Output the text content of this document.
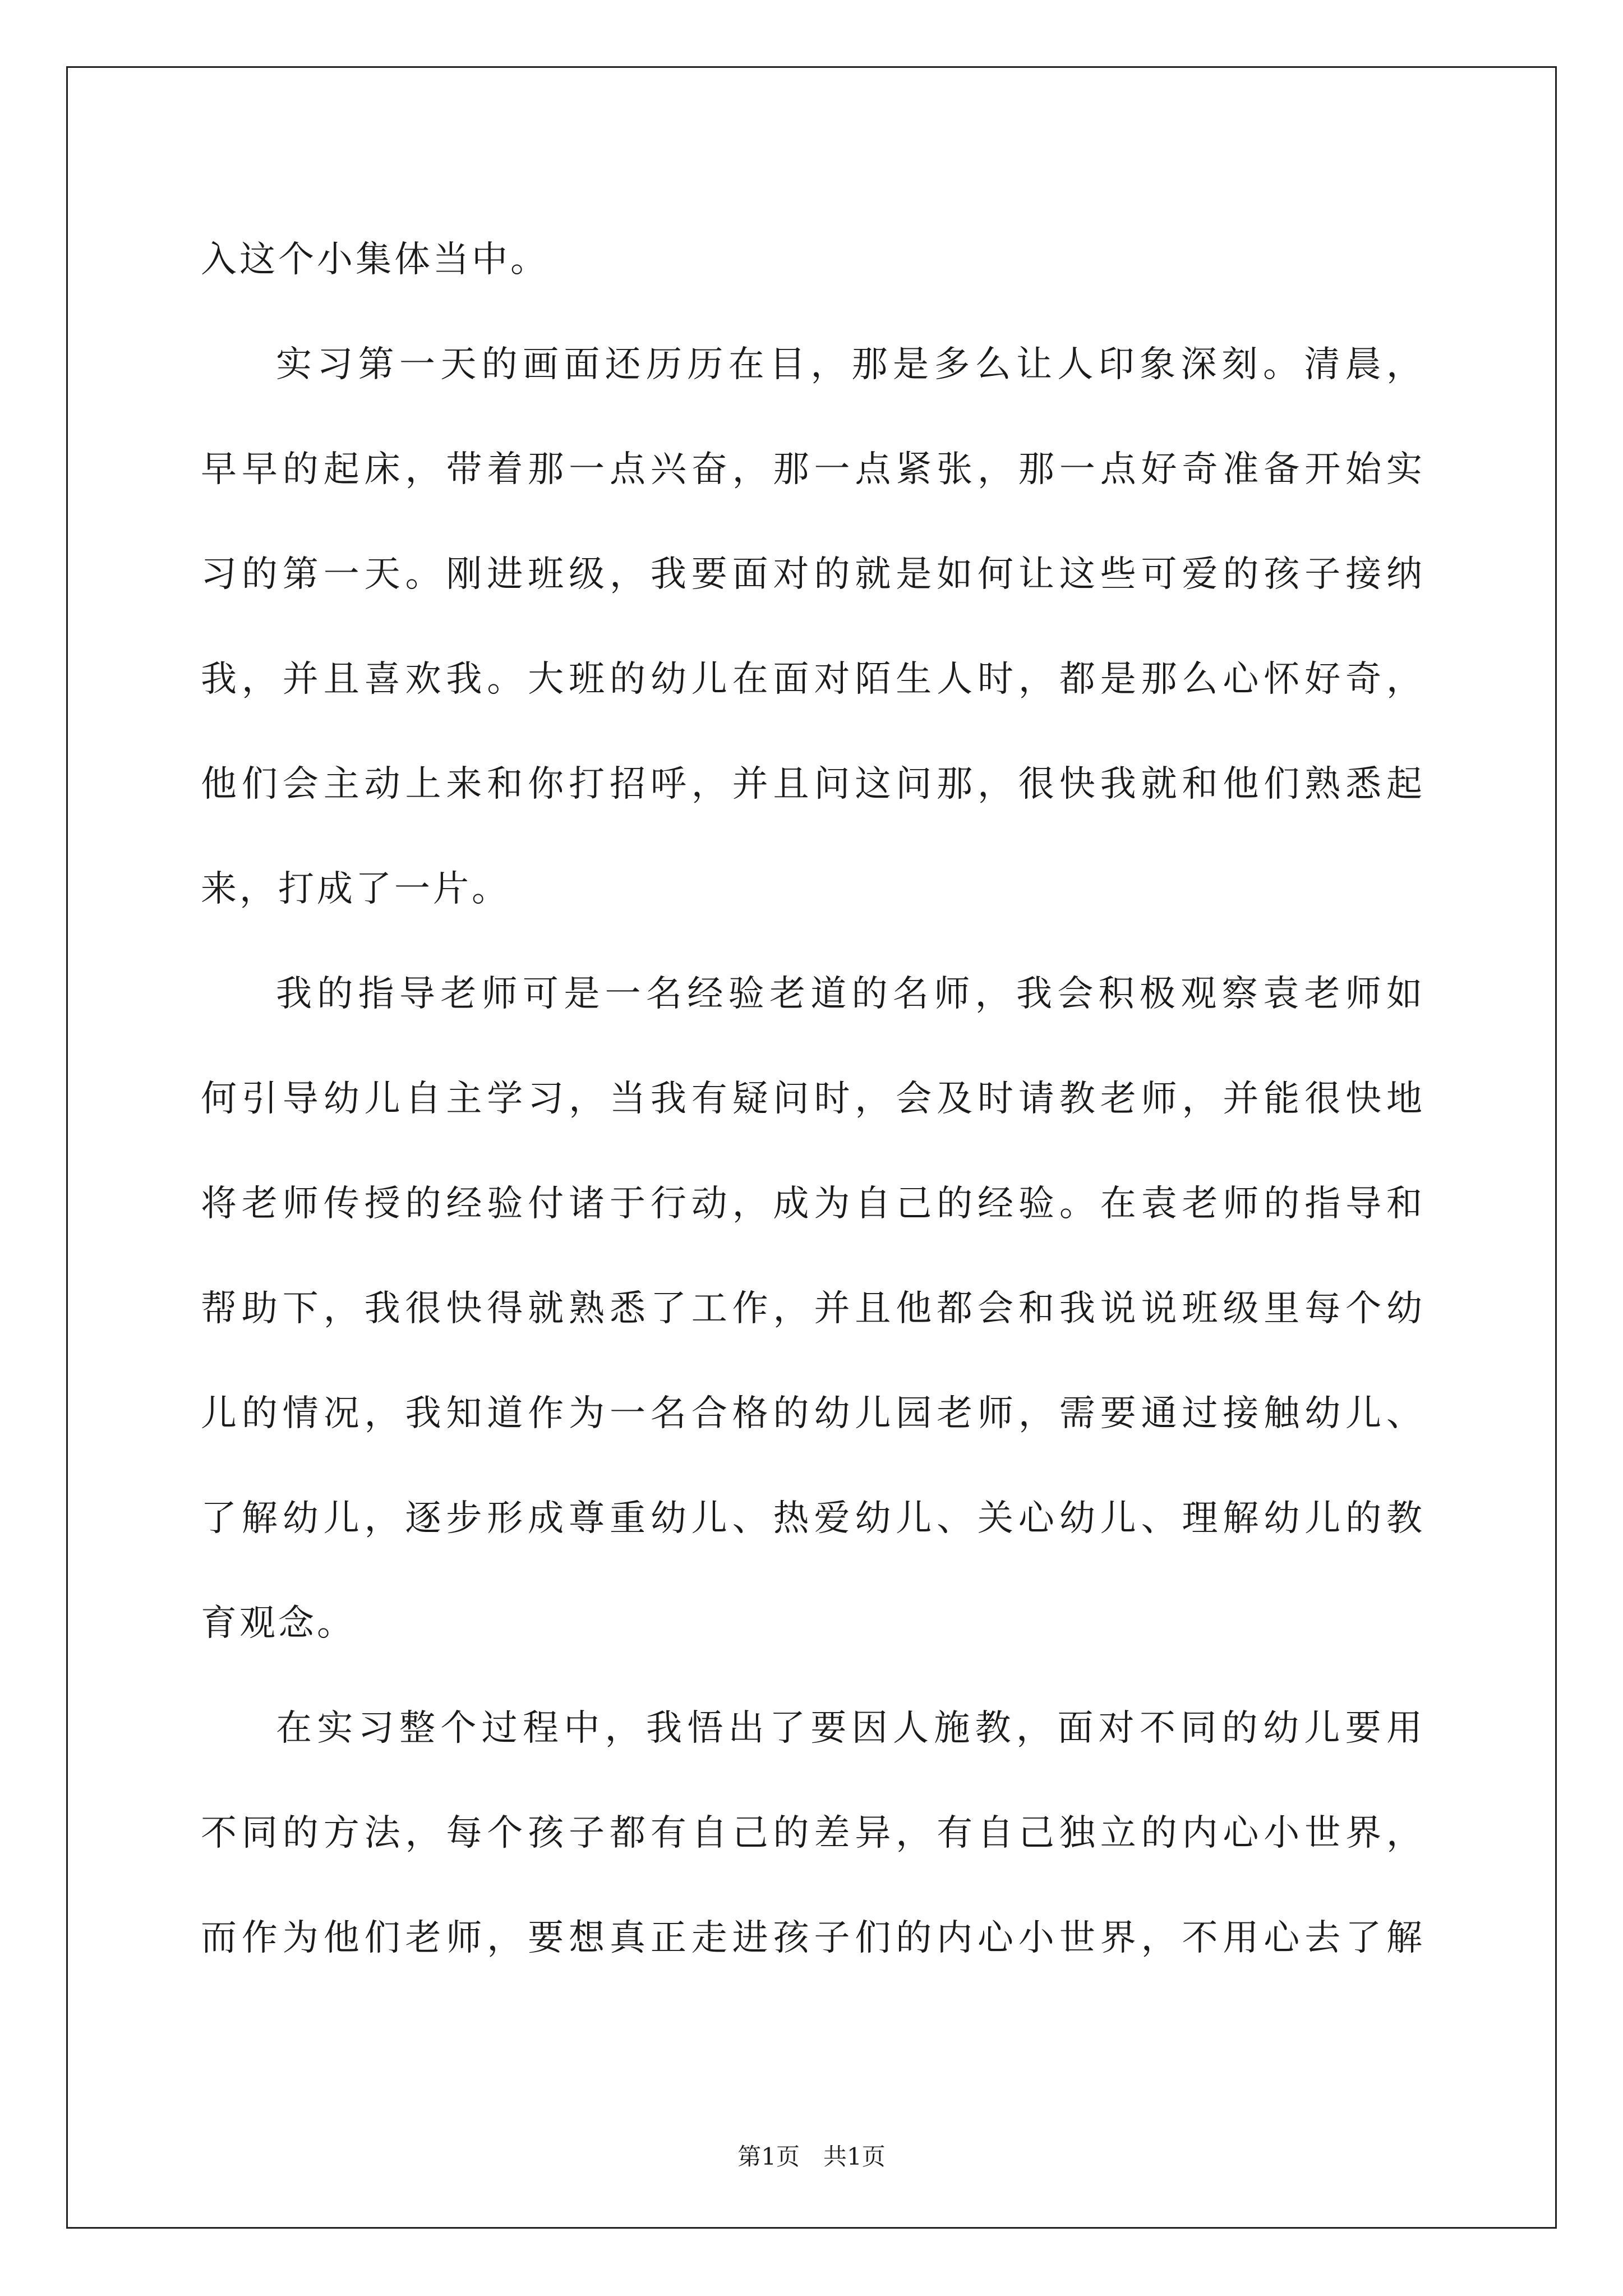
入这个小集体当中。
实习第一天的画面还历历在目，那是多么让人印象深刻。清晨，
早早的起床，带着那一点兴奋，那一点紧张，那一点好奇准备开始实
习的第一天。刚进班级，我要面对的就是如何让这些可爱的孩子接纳
我，并且喜欢我。大班的幼儿在面对陌生人时，都是那么心怀好奇，
他们会主动上来和你打招呼，并且问这问那，很快我就和他们熟悉起
来，打成了一片。
我的指导老师可是一名经验老道的名师，我会积极观察袁老师如
何引导幼儿自主学习，当我有疑问时，会及时请教老师，并能很快地
将老师传授的经验付诸于行动，成为自己的经验。在袁老师的指导和
帮助下，我很快得就熟悉了工作，并且他都会和我说说班级里每个幼
儿的情况，我知道作为一名合格的幼儿园老师，需要通过接触幼儿、
了解幼儿，逐步形成尊重幼儿、热爱幼儿、关心幼儿、理解幼儿的教
育观念。
在实习整个过程中，我悟出了要因人施教，面对不同的幼儿要用
不同的方法，每个孩子都有自己的差异，有自己独立的内心小世界，
而作为他们老师，要想真正走进孩子们的内心小世界，不用心去了解
第1页　共1页
